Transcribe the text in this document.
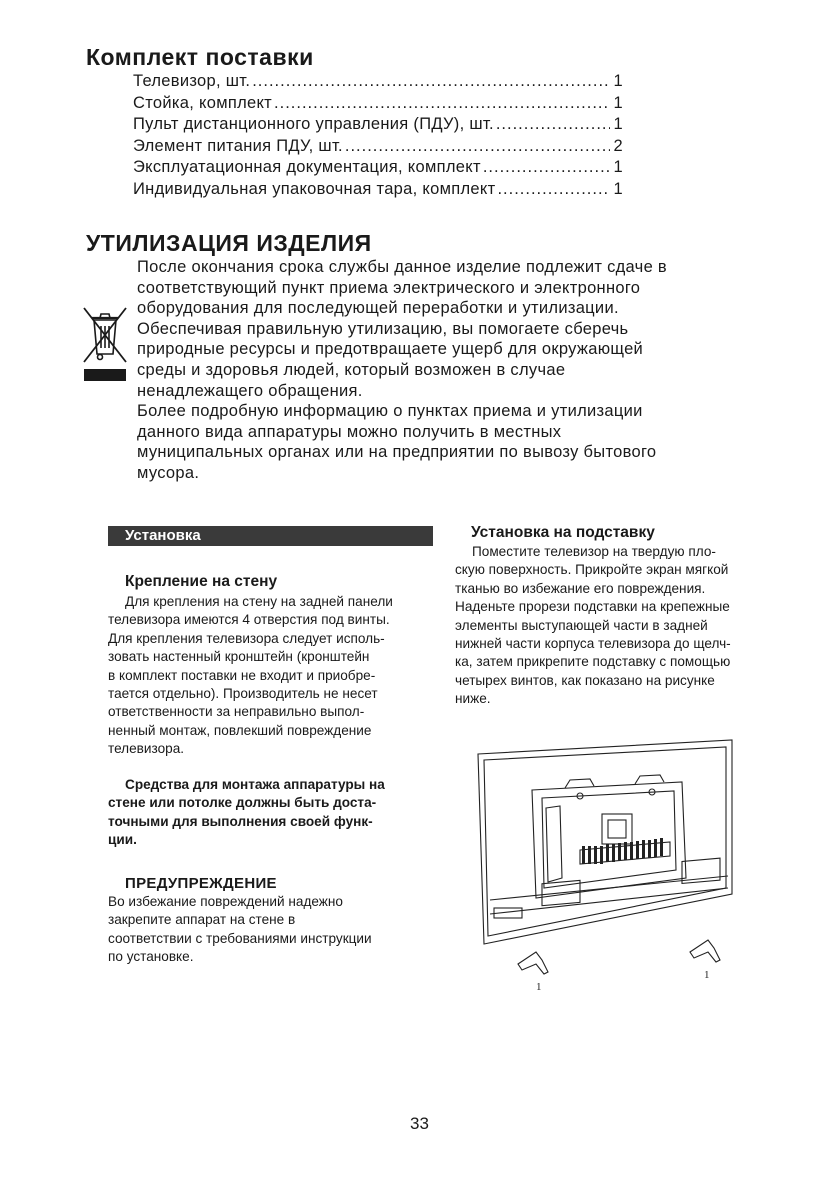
Комплект поставки
Телевизор, шт. .....	1
Стойка, комплект .....	1
Пульт дистанционного управления (ПДУ), шт. .....	1
Элемент питания ПДУ, шт. .....	2
Эксплуатационная документация, комплект .....	1
Индивидуальная упаковочная тара, комплект .....	1
УТИЛИЗАЦИЯ ИЗДЕЛИЯ
После окончания срока службы данное изделие подлежит сдаче в
соответствующий пункт приема электрического и электронного
оборудования для последующей переработки и утилизации.
Обеспечивая правильную утилизацию, вы помогаете сберечь
природные ресурсы и предотвращаете ущерб для окружающей
среды и здоровья людей, который возможен в случае
ненадлежащего обращения.
Более подробную информацию о пунктах приема и утилизации
данного вида аппаратуры можно получить в местных
муниципальных органах или на предприятии по вывозу бытового
мусора.
Установка
Крепление на стену
Для крепления на стену на задней панели
телевизора имеются 4 отверстия под винты.
Для крепления телевизора следует исполь-
зовать настенный кронштейн (кронштейн
в комплект поставки не входит и приобре-
тается отдельно). Производитель не несет
ответственности за неправильно выпол-
ненный монтаж, повлекший повреждение
телевизора.

стене или потолке должны быть доста-
точными для выполнения своей функ-
ции.
Средства для монтажа аппаратуры на
ПРЕДУПРЕЖДЕНИЕ
Во избежание повреждений надежно
закрепите аппарат на стене в
соответствии с требованиями инструкции
по установке.
Установка на подставку
Поместите телевизор на твердую пло-
скую поверхность. Прикройте экран мягкой
тканью во избежание его повреждения.
Наденьте прорези подставки на крепежные
элементы выступающей части в задней
нижней части корпуса телевизора до щелч-
ка, затем прикрепите подставку с помощью
четырех винтов, как показано на рисунке
ниже.
1
1
33
